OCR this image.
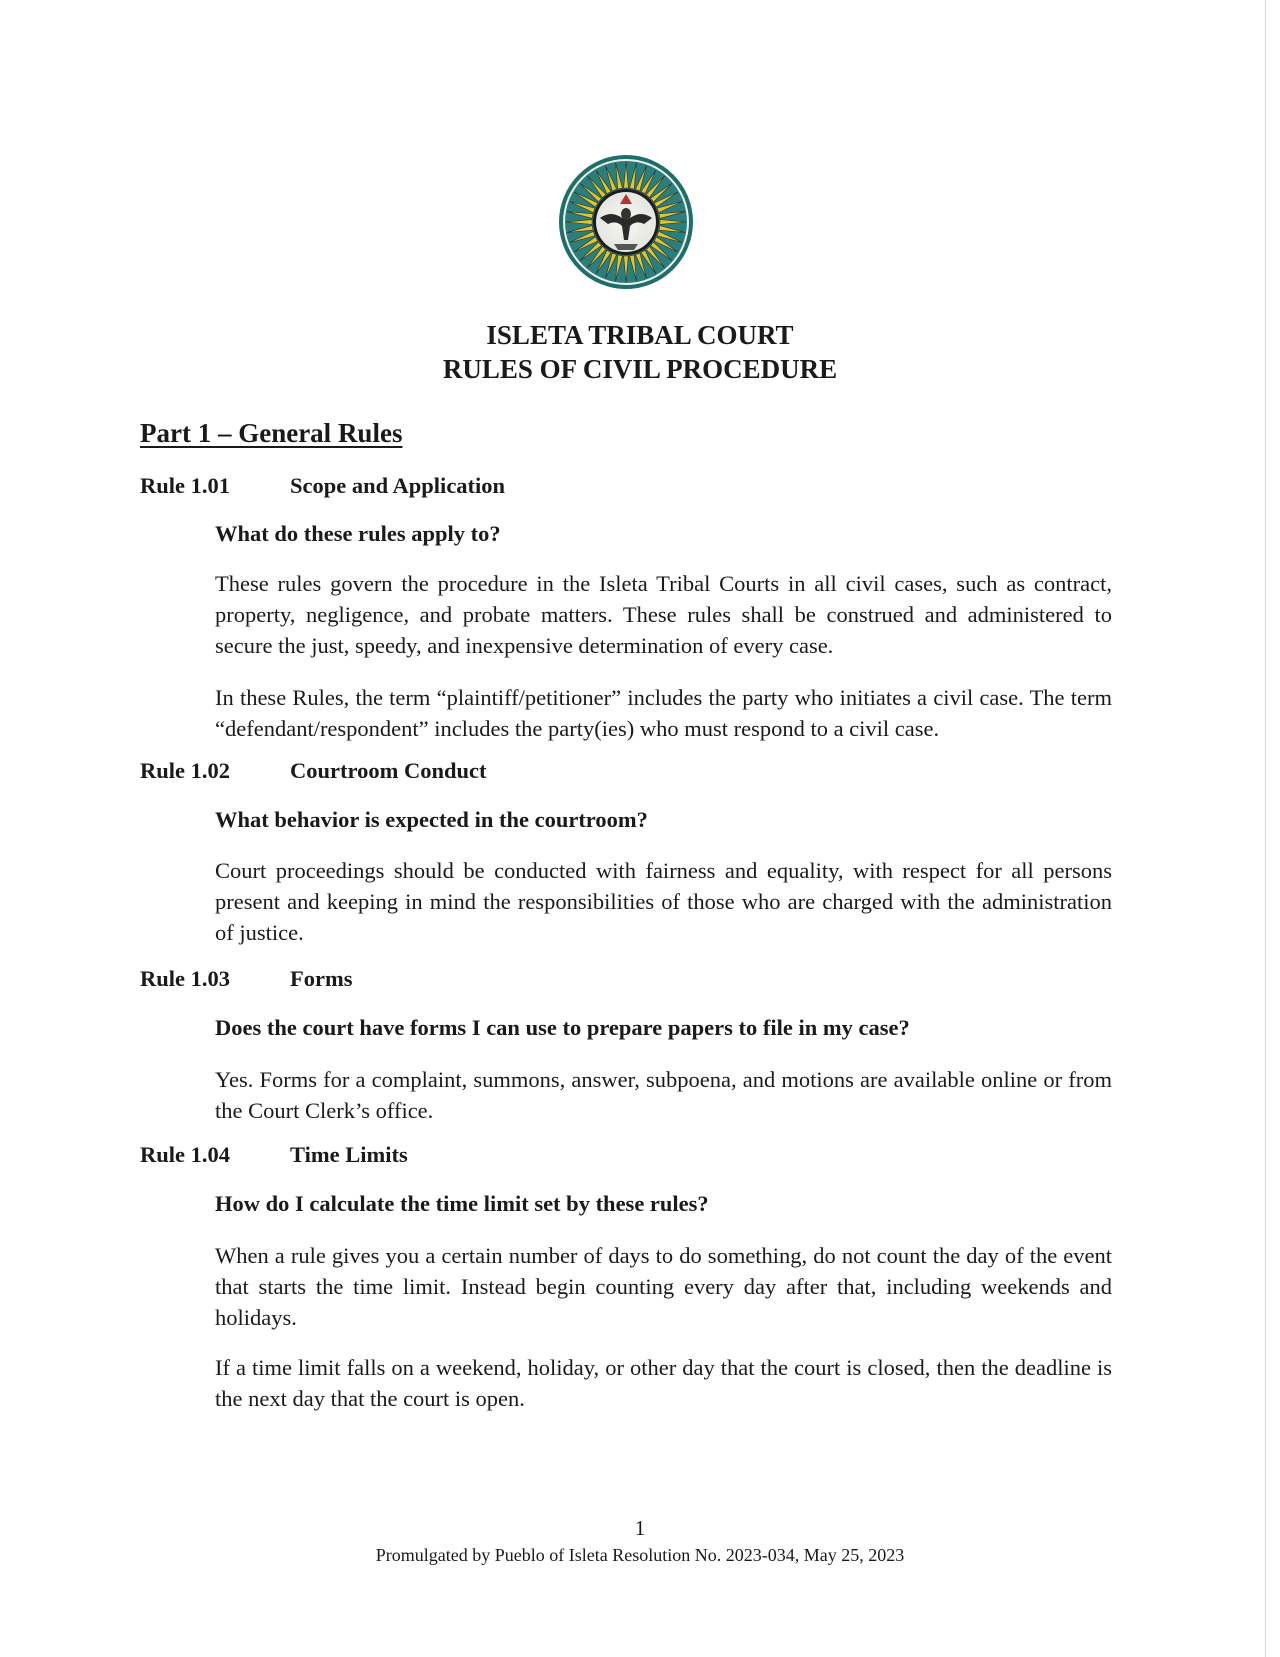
ISLETA TRIBAL COURT
RULES OF CIVIL PROCEDURE
Part 1 – General Rules
Rule 1.01	Scope and Application
What do these rules apply to?
These rules govern the procedure in the Isleta Tribal Courts in all civil cases, such as contract, property, negligence, and probate matters. These rules shall be construed and administered to secure the just, speedy, and inexpensive determination of every case.
In these Rules, the term “plaintiff/petitioner” includes the party who initiates a civil case. The term “defendant/respondent” includes the party(ies) who must respond to a civil case.
Rule 1.02	Courtroom Conduct
What behavior is expected in the courtroom?
Court proceedings should be conducted with fairness and equality, with respect for all persons present and keeping in mind the responsibilities of those who are charged with the administration of justice.
Rule 1.03	Forms
Does the court have forms I can use to prepare papers to file in my case?
Yes. Forms for a complaint, summons, answer, subpoena, and motions are available online or from the Court Clerk’s office.
Rule 1.04	Time Limits
How do I calculate the time limit set by these rules?
When a rule gives you a certain number of days to do something, do not count the day of the event that starts the time limit. Instead begin counting every day after that, including weekends and holidays.
If a time limit falls on a weekend, holiday, or other day that the court is closed, then the deadline is the next day that the court is open.
1
Promulgated by Pueblo of Isleta Resolution No. 2023-034, May 25, 2023
